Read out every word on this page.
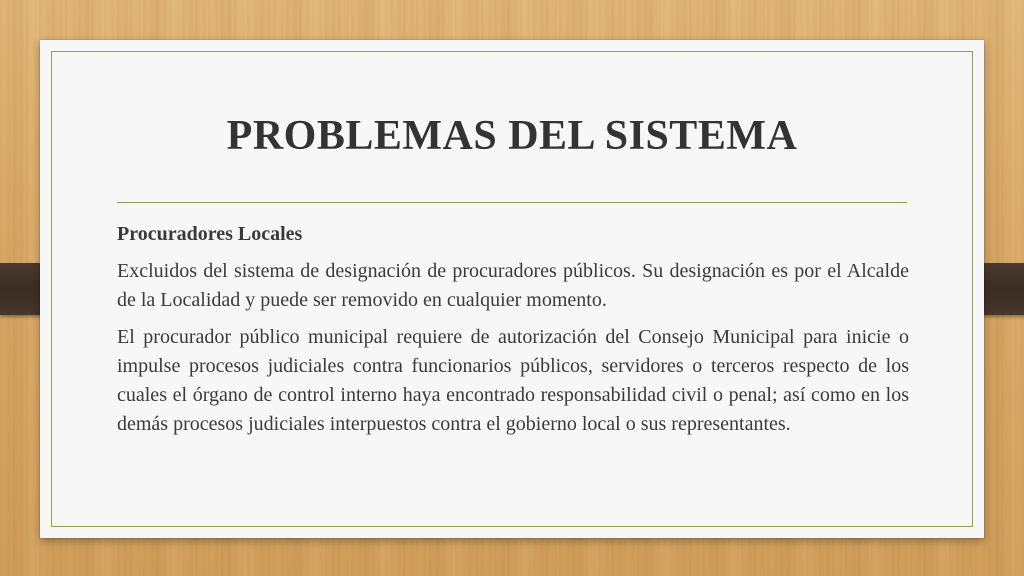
PROBLEMAS DEL SISTEMA

Procuradores Locales

Excluidos del sistema de designación de procuradores públicos. Su designación es por el Alcalde de la Localidad y puede ser removido en cualquier momento.

El procurador público municipal requiere de autorización del Consejo Municipal para inicie o impulse procesos judiciales contra funcionarios públicos, servidores o terceros respecto de los cuales el órgano de control interno haya encontrado responsabilidad civil o penal; así como en los demás procesos judiciales interpuestos contra el gobierno local o sus representantes.
